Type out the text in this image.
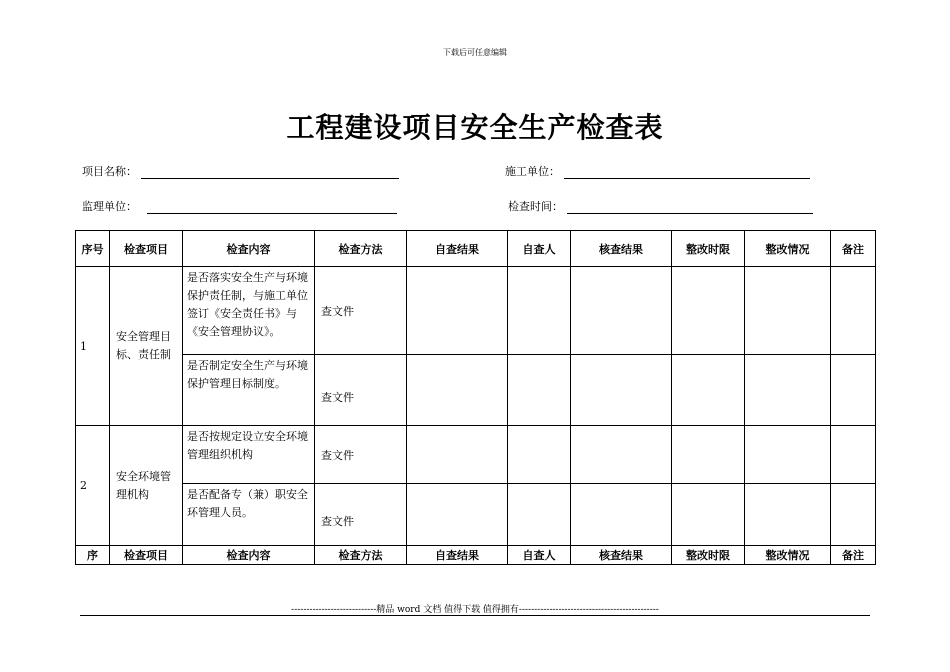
下载后可任意编辑
工程建设项目安全生产检查表
项目名称：	施工单位：
监理单位：	检查时间：
序号	检查项目	检查内容	检查方法	自查结果	自查人	核查结果	整改时限	整改情况	备注
1	安全管理目标、责任制	是否落实安全生产与环境保护责任制，与施工单位签订《安全责任书》与《安全管理协议》。	查文件						
		是否制定安全生产与环境保护管理目标制度。	查文件						
2	安全环境管理机构	是否按规定设立安全环境管理组织机构	查文件						
		是否配备专（兼）职安全环管理人员。	查文件						
序	检查项目	检查内容	检查方法	自查结果	自查人	核查结果	整改时限	整改情况	备注
----------------------------精品 word 文档 值得下载 值得拥有----------------------------------------------
